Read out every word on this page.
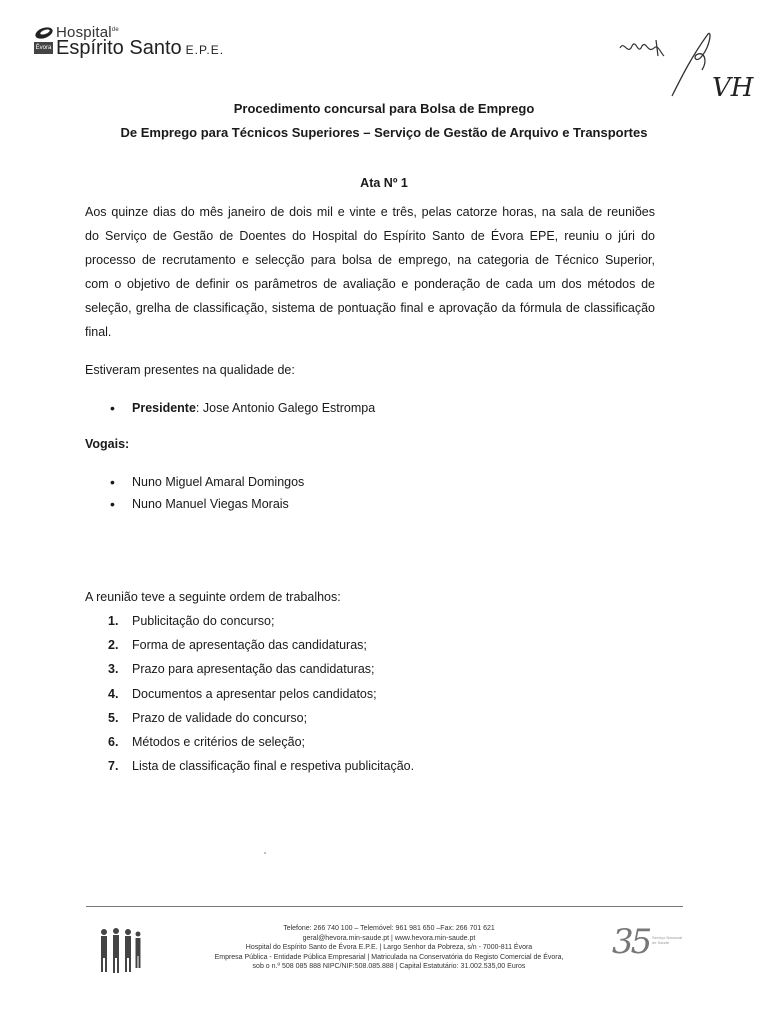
Hospital$^{de}$
Évora Espírito Santo E.P.E.
VH
Procedimento concursal para Bolsa de Emprego
De Emprego para Técnicos Superiores – Serviço de Gestão de Arquivo e Transportes
Ata Nº 1
Aos quinze dias do mês janeiro de dois mil e vinte e três, pelas catorze horas, na sala de reuniões
do Serviço de Gestão de Doentes do Hospital do Espírito Santo de Évora EPE, reuniu o júri do
processo de recrutamento e selecção para bolsa de emprego, na categoria de Técnico Superior,
com o objetivo de definir os parâmetros de avaliação e ponderação de cada um dos métodos de
seleção, grelha de classificação, sistema de pontuação final e aprovação da fórmula de classificação
final.
Estiveram presentes na qualidade de:
• Presidente: Jose Antonio Galego Estrompa
Vogais:
• Nuno Miguel Amaral Domingos
• Nuno Manuel Viegas Morais
A reunião teve a seguinte ordem de trabalhos:
1. Publicitação do concurso;
2. Forma de apresentação das candidaturas;
3. Prazo para apresentação das candidaturas;
4. Documentos a apresentar pelos candidatos;
5. Prazo de validade do concurso;
6. Métodos e critérios de seleção;
7. Lista de classificação final e respetiva publicitação.
Telefone: 266 740 100 – Telemóvel: 961 981 650 –Fax: 266 701 621
geral@hevora.min-saude.pt | www.hevora.min-saude.pt
Hospital do Espírito Santo de Évora E.P.E. | Largo Senhor da Pobreza, s/n - 7000-811 Évora
Empresa Pública - Entidade Pública Empresarial | Matriculada na Conservatória do Registo Comercial de Évora,
sob o n.º 508 085 888 NIPC/NIF:508.085.888 | Capital Estatutário: 31.002.535,00 Euros
35 Serviço Nacional de Saúde
